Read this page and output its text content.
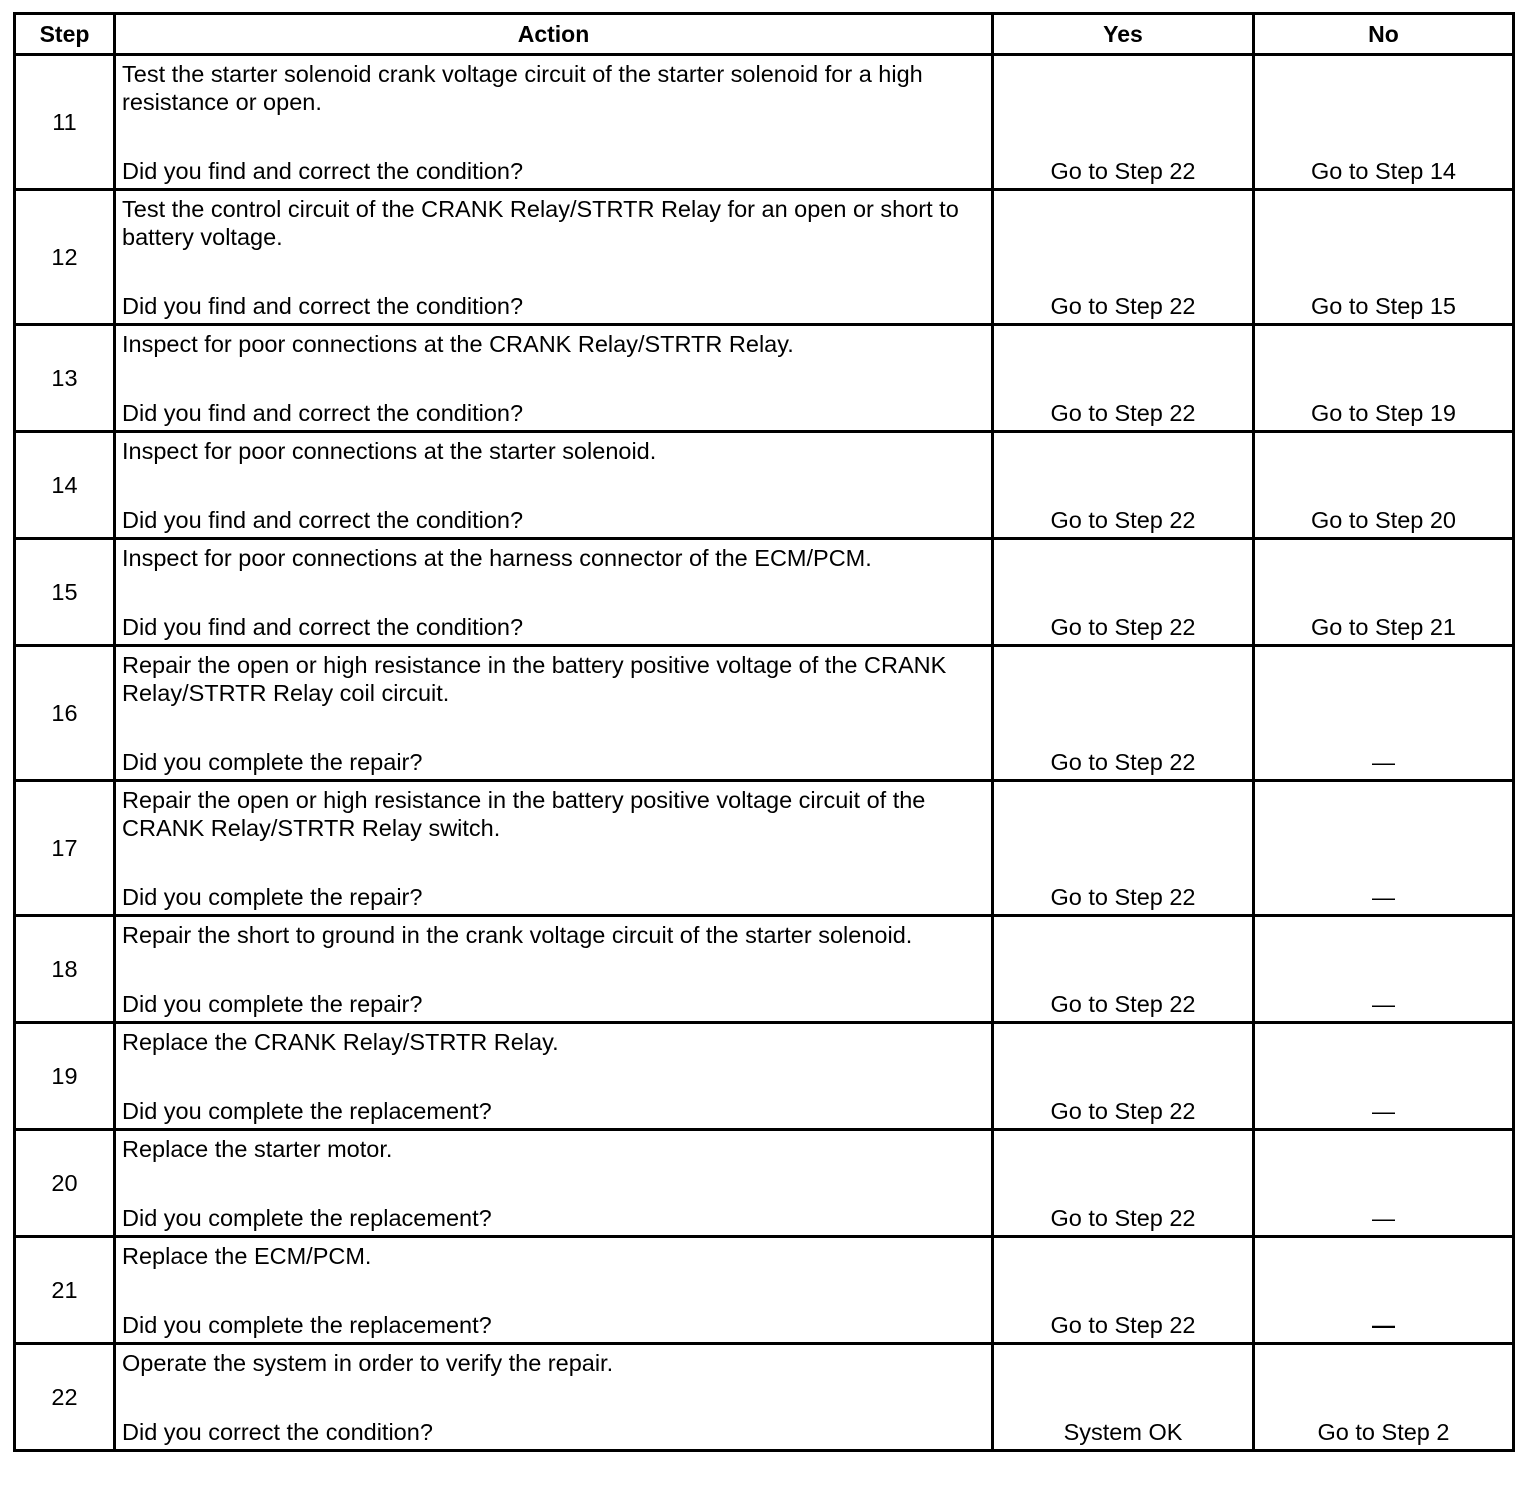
Step	Action	Yes	No
11	Test the starter solenoid crank voltage circuit of the starter solenoid for a high resistance or open.
Did you find and correct the condition?	Go to Step 22	Go to Step 14

12	Test the control circuit of the CRANK Relay/STRTR Relay for an open or short to battery voltage.
Did you find and correct the condition?	Go to Step 22	Go to Step 15

13	Inspect for poor connections at the CRANK Relay/STRTR Relay.
Did you find and correct the condition?	Go to Step 22	Go to Step 19

14	Inspect for poor connections at the starter solenoid.
Did you find and correct the condition?	Go to Step 22	Go to Step 20

15	Inspect for poor connections at the harness connector of the ECM/PCM.
Did you find and correct the condition?	Go to Step 22	Go to Step 21

16	Repair the open or high resistance in the battery positive voltage of the CRANK Relay/STRTR Relay coil circuit.
Did you complete the repair?	Go to Step 22	—

17	Repair the open or high resistance in the battery positive voltage circuit of the CRANK Relay/STRTR Relay switch.
Did you complete the repair?	Go to Step 22	—

18	Repair the short to ground in the crank voltage circuit of the starter solenoid.
Did you complete the repair?	Go to Step 22	—

19	Replace the CRANK Relay/STRTR Relay.
Did you complete the replacement?	Go to Step 22	—

20	Replace the starter motor.
Did you complete the replacement?	Go to Step 22	—

21	Replace the ECM/PCM.
Did you complete the replacement?	Go to Step 22	—

22	Operate the system in order to verify the repair.
Did you correct the condition?	System OK	Go to Step 2
